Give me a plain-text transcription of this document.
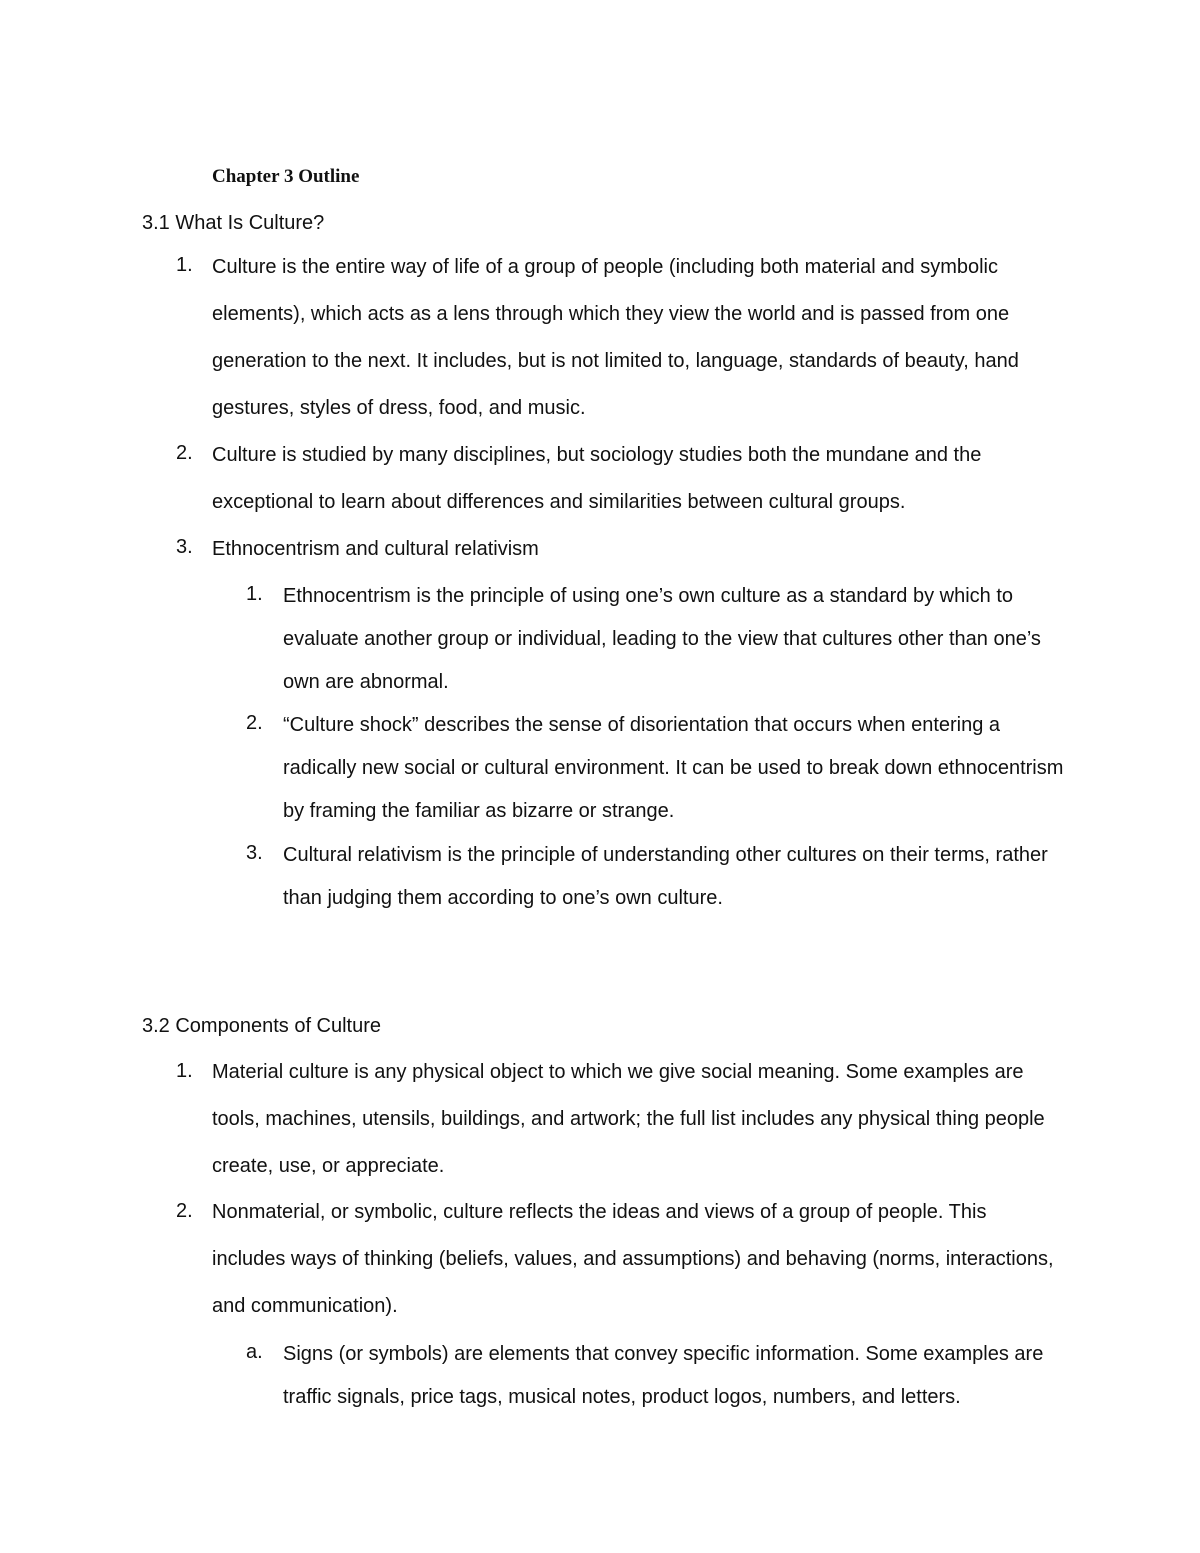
Chapter 3 Outline
3.1 What Is Culture?
1. Culture is the entire way of life of a group of people (including both material and symbolic elements), which acts as a lens through which they view the world and is passed from one generation to the next. It includes, but is not limited to, language, standards of beauty, hand gestures, styles of dress, food, and music.
2. Culture is studied by many disciplines, but sociology studies both the mundane and the exceptional to learn about differences and similarities between cultural groups.
3. Ethnocentrism and cultural relativism
1. Ethnocentrism is the principle of using one’s own culture as a standard by which to evaluate another group or individual, leading to the view that cultures other than one’s own are abnormal.
2. “Culture shock” describes the sense of disorientation that occurs when entering a radically new social or cultural environment. It can be used to break down ethnocentrism by framing the familiar as bizarre or strange.
3. Cultural relativism is the principle of understanding other cultures on their terms, rather than judging them according to one’s own culture.
3.2 Components of Culture
1. Material culture is any physical object to which we give social meaning. Some examples are tools, machines, utensils, buildings, and artwork; the full list includes any physical thing people create, use, or appreciate.
2. Nonmaterial, or symbolic, culture reflects the ideas and views of a group of people. This includes ways of thinking (beliefs, values, and assumptions) and behaving (norms, interactions, and communication).
a. Signs (or symbols) are elements that convey specific information. Some examples are traffic signals, price tags, musical notes, product logos, numbers, and letters.
